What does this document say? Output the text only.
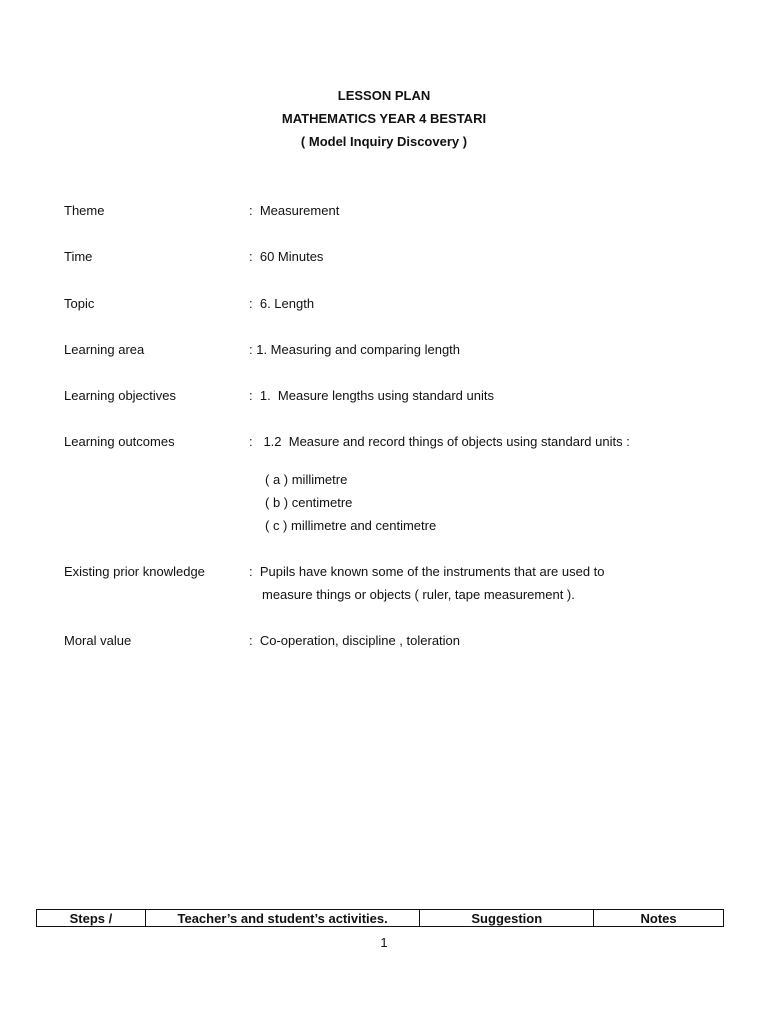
LESSON PLAN
MATHEMATICS YEAR 4 BESTARI
( Model Inquiry Discovery )
Theme	:  Measurement
Time	:  60 Minutes
Topic	:  6. Length
Learning area	: 1. Measuring and comparing length
Learning objectives	:  1.  Measure lengths using standard units
Learning outcomes	:   1.2  Measure and record things of objects using standard units :
( a ) millimetre
( b ) centimetre
( c ) millimetre and centimetre
Existing prior knowledge	:  Pupils have known some of the instruments that are used to
measure things or objects ( ruler, tape measurement ).
Moral value	:  Co-operation, discipline , toleration
Steps /	Teacher’s and student’s activities.	Suggestion	Notes
1
